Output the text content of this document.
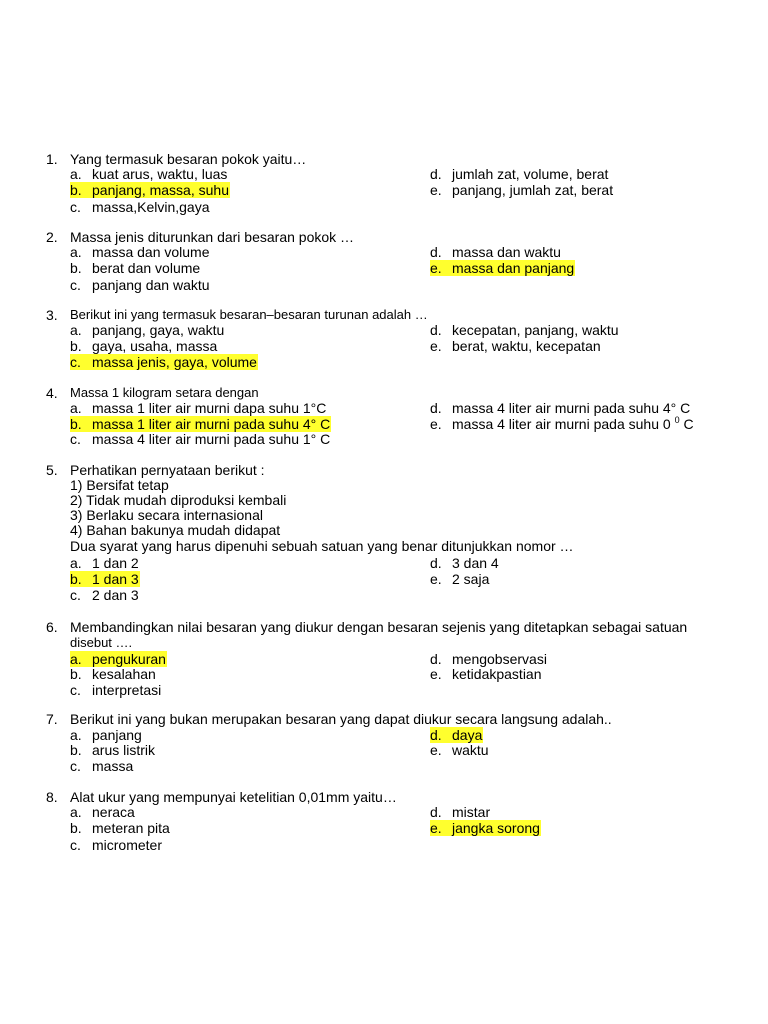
1. Yang termasuk besaran pokok yaitu…
a. kuat arus, waktu, luas
b. panjang, massa, suhu
c. massa,Kelvin,gaya
d. jumlah zat, volume, berat
e. panjang, jumlah zat, berat
2. Massa jenis diturunkan dari besaran pokok …
a. massa dan volume
b. berat dan volume
c. panjang dan waktu
d. massa dan waktu
e. massa dan panjang
3. Berikut ini yang termasuk besaran–besaran turunan adalah …
a. panjang, gaya, waktu
b. gaya, usaha, massa
c. massa jenis, gaya, volume
d. kecepatan, panjang, waktu
e. berat, waktu, kecepatan
4. Massa 1 kilogram setara dengan
a. massa 1 liter air murni dapa suhu 1°C
b. massa 1 liter air murni pada suhu 4° C
c. massa 4 liter air murni pada suhu 1° C
d. massa 4 liter air murni pada suhu 4° C
e. massa 4 liter air murni pada suhu 0 $^0$ C
5. Perhatikan pernyataan berikut :
1) Bersifat tetap
2) Tidak mudah diproduksi kembali
3) Berlaku secara internasional
4) Bahan bakunya mudah didapat
Dua syarat yang harus dipenuhi sebuah satuan yang benar ditunjukkan nomor …
a. 1 dan 2
b. 1 dan 3
c. 2 dan 3
d. 3 dan 4
e. 2 saja
6. Membandingkan nilai besaran yang diukur dengan besaran sejenis yang ditetapkan sebagai satuan
disebut ….
a. pengukuran
b. kesalahan
c. interpretasi
d. mengobservasi
e. ketidakpastian
7. Berikut ini yang bukan merupakan besaran yang dapat diukur secara langsung adalah..
a. panjang
b. arus listrik
c. massa
d. daya
e. waktu
8. Alat ukur yang mempunyai ketelitian 0,01mm yaitu…
a. neraca
b. meteran pita
c. micrometer
d. mistar
e. jangka sorong
